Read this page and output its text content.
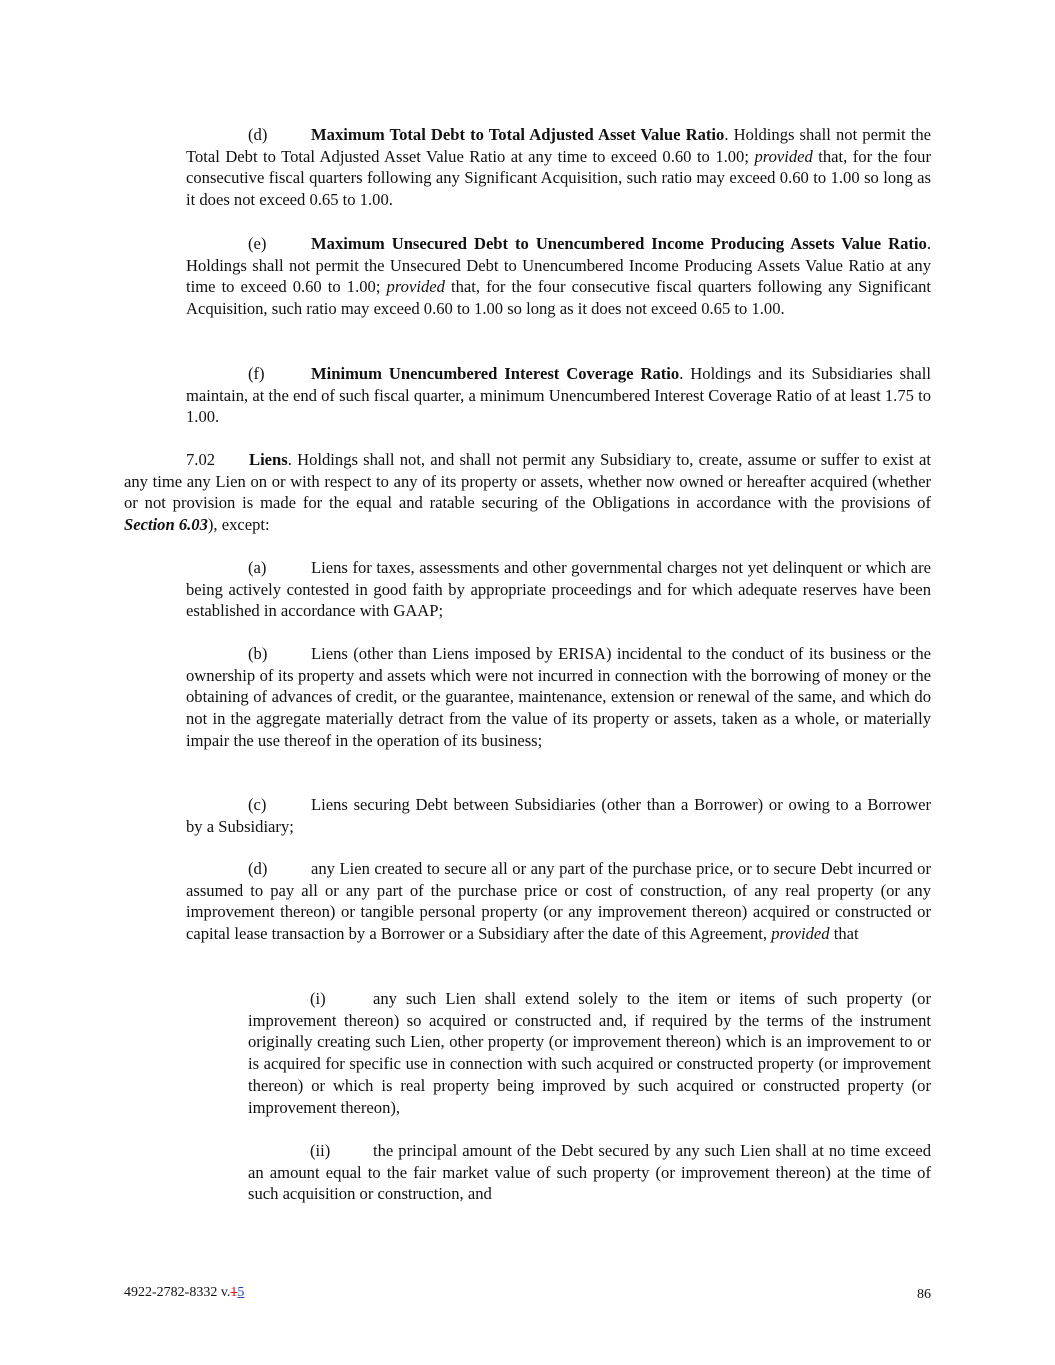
(d)	Maximum Total Debt to Total Adjusted Asset Value Ratio. Holdings shall not permit the Total Debt to Total Adjusted Asset Value Ratio at any time to exceed 0.60 to 1.00; provided that, for the four consecutive fiscal quarters following any Significant Acquisition, such ratio may exceed 0.60 to 1.00 so long as it does not exceed 0.65 to 1.00.

(e)	Maximum Unsecured Debt to Unencumbered Income Producing Assets Value Ratio. Holdings shall not permit the Unsecured Debt to Unencumbered Income Producing Assets Value Ratio at any time to exceed 0.60 to 1.00; provided that, for the four consecutive fiscal quarters following any Significant Acquisition, such ratio may exceed 0.60 to 1.00 so long as it does not exceed 0.65 to 1.00.

(f)	Minimum Unencumbered Interest Coverage Ratio. Holdings and its Subsidiaries shall maintain, at the end of such fiscal quarter, a minimum Unencumbered Interest Coverage Ratio of at least 1.75 to 1.00.

7.02 Liens. Holdings shall not, and shall not permit any Subsidiary to, create, assume or suffer to exist at any time any Lien on or with respect to any of its property or assets, whether now owned or hereafter acquired (whether or not provision is made for the equal and ratable securing of the Obligations in accordance with the provisions of Section 6.03), except:

(a)	Liens for taxes, assessments and other governmental charges not yet delinquent or which are being actively contested in good faith by appropriate proceedings and for which adequate reserves have been established in accordance with GAAP;

(b)	Liens (other than Liens imposed by ERISA) incidental to the conduct of its business or the ownership of its property and assets which were not incurred in connection with the borrowing of money or the obtaining of advances of credit, or the guarantee, maintenance, extension or renewal of the same, and which do not in the aggregate materially detract from the value of its property or assets, taken as a whole, or materially impair the use thereof in the operation of its business;

(c)	Liens securing Debt between Subsidiaries (other than a Borrower) or owing to a Borrower by a Subsidiary;

(d)	any Lien created to secure all or any part of the purchase price, or to secure Debt incurred or assumed to pay all or any part of the purchase price or cost of construction, of any real property (or any improvement thereon) or tangible personal property (or any improvement thereon) acquired or constructed or capital lease transaction by a Borrower or a Subsidiary after the date of this Agreement, provided that

(i)	any such Lien shall extend solely to the item or items of such property (or improvement thereon) so acquired or constructed and, if required by the terms of the instrument originally creating such Lien, other property (or improvement thereon) which is an improvement to or is acquired for specific use in connection with such acquired or constructed property (or improvement thereon) or which is real property being improved by such acquired or constructed property (or improvement thereon),

(ii)	the principal amount of the Debt secured by any such Lien shall at no time exceed an amount equal to the fair market value of such property (or improvement thereon) at the time of such acquisition or construction, and

4922-2782-8332 v.15	86
